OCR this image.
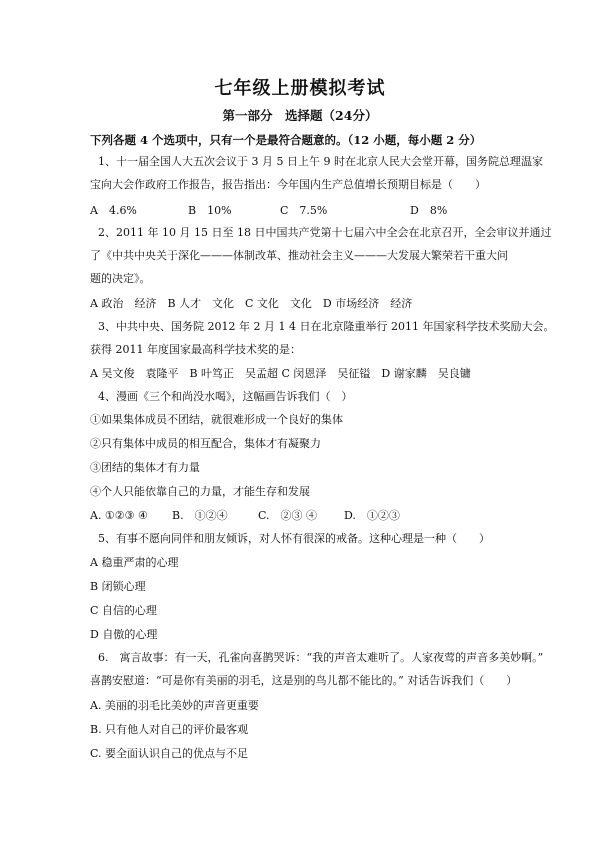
七年级上册模拟考试
第一部分　选择题（24分）
下列各题 4 个选项中，只有一个是最符合题意的。（12 小题，每小题 2 分）
1、十一届全国人大五次会议于 3 月 5 日上午 9 时在北京人民大会堂开幕，国务院总理温家
宝向大会作政府工作报告，报告指出：今年国内生产总值增长预期目标是（　　）
A　4.6%	B　10%	C　7.5%	D　8%
2、2011 年 10 月 15 日至 18 日中国共产党第十七届六中全会在北京召开，全会审议并通过
了《中共中央关于深化———体制改革、推动社会主义———大发展大繁荣若干重大问
题的决定》。
A 政治　经济　B 人才　文化　C 文化　文化　D 市场经济　经济
3、中共中央、国务院 2012 年 2 月 1 4 日在北京隆重举行 2011 年国家科学技术奖励大会。
获得 2011 年度国家最高科学技术奖的是：
A 吴文俊　袁隆平　B 叶笃正　吴孟超 C 闵恩泽　吴征镒　D 谢家麟　吴良镛
4、漫画《三个和尚没水喝》，这幅画告诉我们（　）
①如果集体成员不团结，就很难形成一个良好的集体
②只有集体中成员的相互配合，集体才有凝聚力
③团结的集体才有力量
④个人只能依靠自己的力量，才能生存和发展
A. ①②③ ④ B.　①②④	C.　②③ ④ D.　①②③
5、有事不愿向同伴和朋友倾诉，对人怀有很深的戒备。这种心理是一种（　　）
A 稳重严肃的心理
B 闭锁心理
C 自信的心理
D 自傲的心理
6.　寓言故事：有一天，孔雀向喜鹊哭诉：“我的声音太难听了。人家夜莺的声音多美妙啊。”
喜鹊安慰道：“可是你有美丽的羽毛，这是别的鸟儿都不能比的。” 对话告诉我们（　　）
A. 美丽的羽毛比美妙的声音更重要
B. 只有他人对自己的评价最客观
C. 要全面认识自己的优点与不足
